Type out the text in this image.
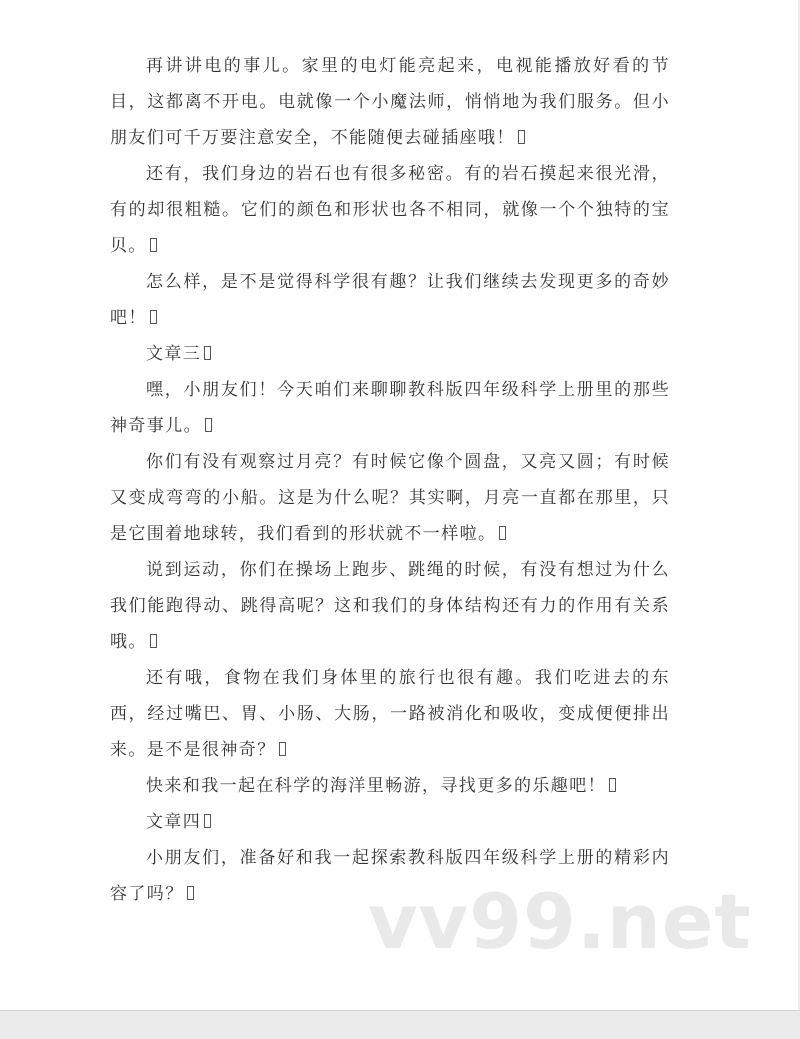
再讲讲电的事儿。家里的电灯能亮起来，电视能播放好看的节目，这都离不开电。电就像一个小魔法师，悄悄地为我们服务。但小朋友们可千万要注意安全，不能随便去碰插座哦！

还有，我们身边的岩石也有很多秘密。有的岩石摸起来很光滑，有的却很粗糙。它们的颜色和形状也各不相同，就像一个个独特的宝贝。

怎么样，是不是觉得科学很有趣？让我们继续去发现更多的奇妙吧！

文章三

嘿，小朋友们！今天咱们来聊聊教科版四年级科学上册里的那些神奇事儿。

你们有没有观察过月亮？有时候它像个圆盘，又亮又圆；有时候又变成弯弯的小船。这是为什么呢？其实啊，月亮一直都在那里，只是它围着地球转，我们看到的形状就不一样啦。

说到运动，你们在操场上跑步、跳绳的时候，有没有想过为什么我们能跑得动、跳得高呢？这和我们的身体结构还有力的作用有关系哦。

还有哦，食物在我们身体里的旅行也很有趣。我们吃进去的东西，经过嘴巴、胃、小肠、大肠，一路被消化和吸收，变成便便排出来。是不是很神奇？

快来和我一起在科学的海洋里畅游，寻找更多的乐趣吧！

文章四

小朋友们，准备好和我一起探索教科版四年级科学上册的精彩内容了吗？	vv99.net
